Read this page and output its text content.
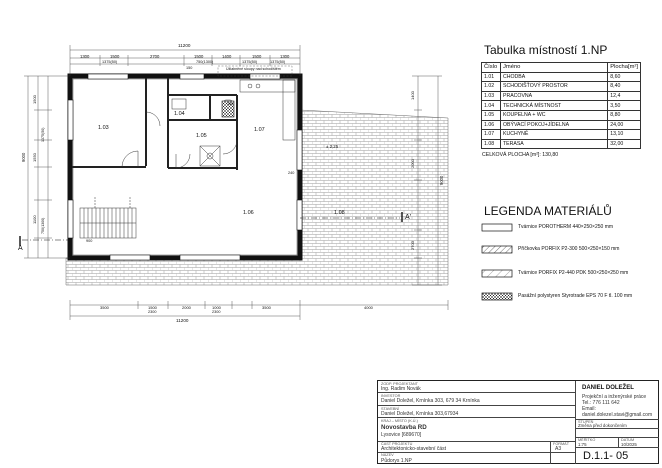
11200
1300	1500	2700	1500	1400	1500	1300
1375(50)	1375(50)	1375(50)
150
750(1300)
Úžlabněné sloupy nad schodištěm
9000
1500
1375(50)
1550
1100 750(1300)
9000
1400
2000
2700
11200
3500	1500	2000	1000	3500	4000
2300	2300
1.03
1.04
1.05
1.07
1.06	1.08
150
900
240
A
A'
± 2,25
Tabulka místností 1.NP
Číslo	Jméno	Plocha[m²]
1.01	CHODBA	8,60
1.02	SCHODIŠŤOVÝ PROSTOR	8,40
1.03	PRACOVNA	12,4
1.04	TECHNICKÁ MÍSTNOST	3,50
1.05	KOUPELNA + WC	8,80
1.06	OBÝVACÍ POKOJ+JÍDELNA	24,00
1.07	KUCHYNĚ	13,10
1.08	TERASA	32,00
CELKOVÁ PLOCHA [m²]: 130,80
LEGENDA MATERIÁLŮ
Tvárnice POROTHERM 440×250×250 mm
Příčkovka PORFIX P2-300 500×250×150 mm
Tvárnice PORFIX P2-440 PDK 500×250×250 mm
Pasážní polystyren Styrotrade EPS 70 F tl. 100 mm
ZODP. PROJEKTANT
Ing. Radim Novák
INVESTOR
Daniel Doležel, Krnínka 303, 679 34 Krnínka
STAVEBNÍ
Daniel Doležel, Krnínka 303,67934
KRAJ – MÍSTO (K.Ú.)
Novostavba RD
Lysovice [689670]
ČÁST PROJEKTU
Architektonicko-stavební část
NÁZEV
Půdorys 1.NP
FORMÁT
A3
DANIEL DOLEŽEL
Projekční a inženýrské práce
Tel.: 776 111 642
Email:
daniel.dolezel.stavi@gmail.com
STUPEŇ
Změna před dokončením
MĚŘÍTKO
1:75
DATUM
10/2025
D.1.1- 05
